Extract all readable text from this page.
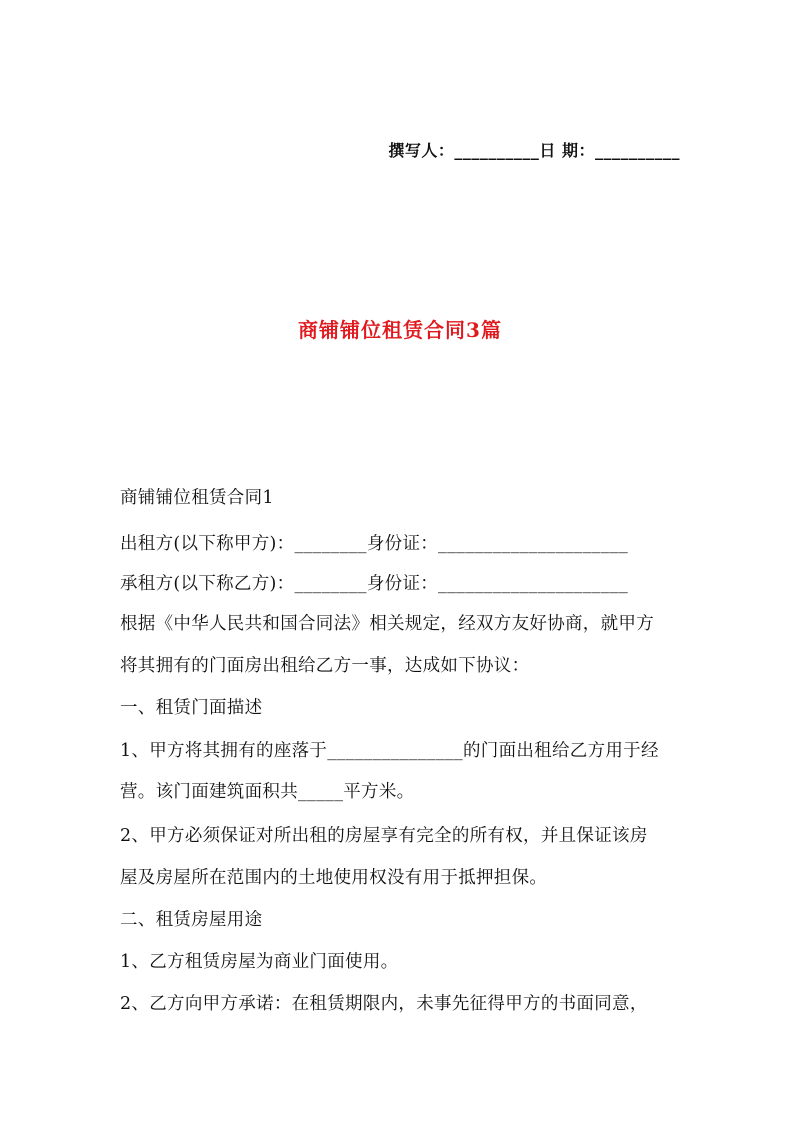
撰写人：__________日 期：__________
商铺铺位租赁合同3篇
商铺铺位租赁合同1
出租方(以下称甲方)：________身份证：_____________________
承租方(以下称乙方)：________身份证：_____________________
根据《中华人民共和国合同法》相关规定，经双方友好协商，就甲方
将其拥有的门面房出租给乙方一事，达成如下协议：
一、租赁门面描述
1、甲方将其拥有的座落于_______________的门面出租给乙方用于经
营。该门面建筑面积共_____平方米。
2、甲方必须保证对所出租的房屋享有完全的所有权，并且保证该房
屋及房屋所在范围内的土地使用权没有用于抵押担保。
二、租赁房屋用途
1、乙方租赁房屋为商业门面使用。
2、乙方向甲方承诺：在租赁期限内，未事先征得甲方的书面同意，
